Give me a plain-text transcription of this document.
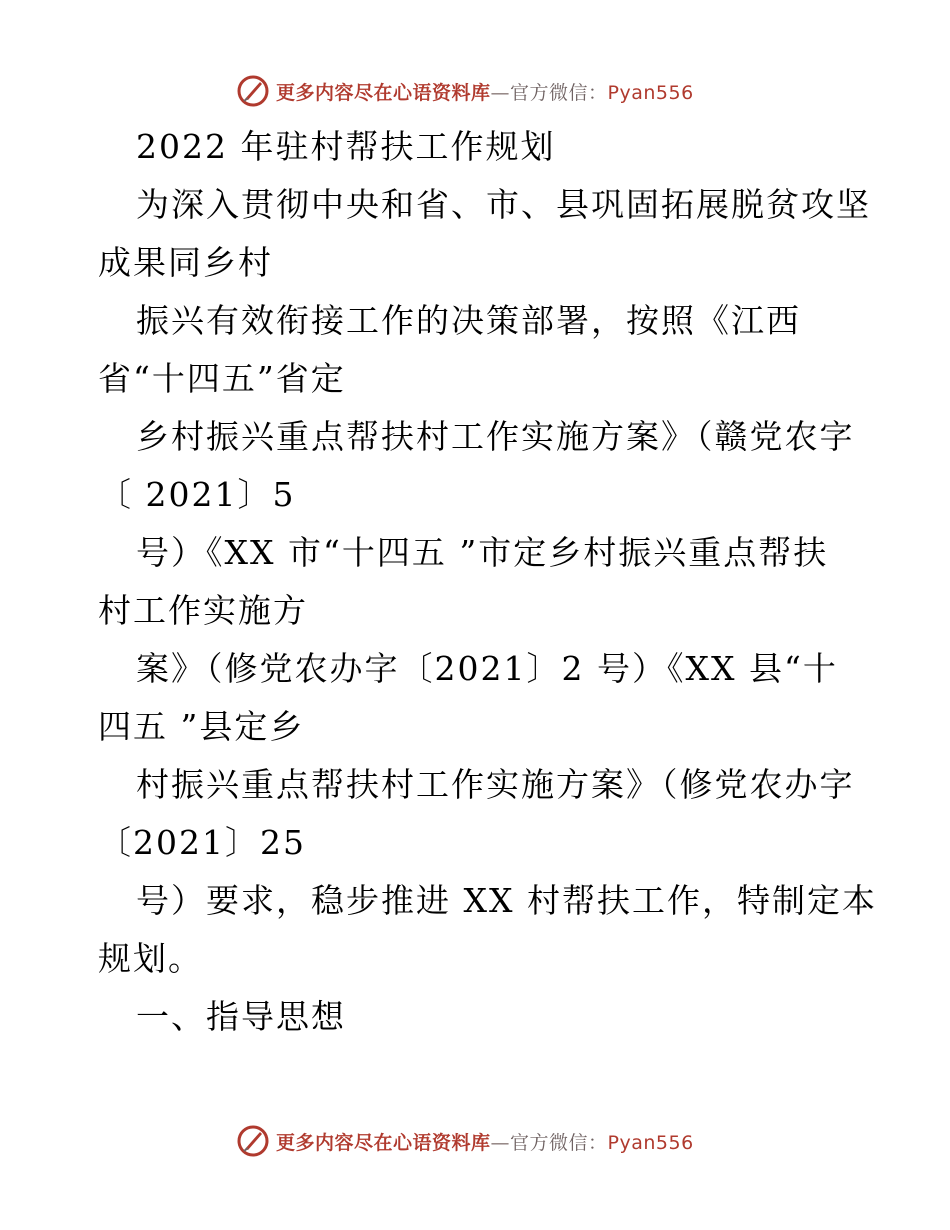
更多内容尽在心语资料库—官方微信：Pyan556
2022 年驻村帮扶工作规划
为深入贯彻中央和省、市、县巩固拓展脱贫攻坚
成果同乡村
振兴有效衔接工作的决策部署，按照《江西
省“十四五”省定
乡村振兴重点帮扶村工作实施方案》（赣党农字
〔 2021〕5
号）《XX 市“十四五 ”市定乡村振兴重点帮扶
村工作实施方
案》（修党农办字〔2021〕2 号）《XX 县“十
四五 ”县定乡
村振兴重点帮扶村工作实施方案》（修党农办字
〔2021〕25
号）要求，稳步推进 XX 村帮扶工作，特制定本
规划。
一、指导思想
更多内容尽在心语资料库—官方微信：Pyan556
